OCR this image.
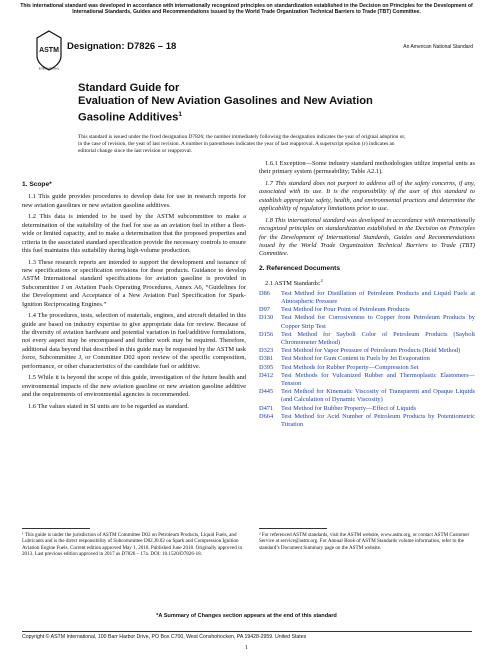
This international standard was developed in accordance with internationally recognized principles on standardization established in the Decision on Principles for the Development of International Standards, Guides and Recommendations issued by the World Trade Organization Technical Barriers to Trade (TBT) Committee.
ASTM
INTERNATIONAL
Designation: D7826 – 18	An American National Standard
Standard Guide for
Evaluation of New Aviation Gasolines and New Aviation
Gasoline Additives$^1$
This standard is issued under the fixed designation D7826; the number immediately following the designation indicates the year of original adoption or, in the case of revision, the year of last revision. A number in parentheses indicates the year of last reapproval. A superscript epsilon (ε) indicates an editorial change since the last revision or reapproval.
1. Scope*

1.1 This guide provides procedures to develop data for use in research reports for new aviation gasolines or new aviation gasoline additives.

1.2 This data is intended to be used by the ASTM subcommittee to make a determination of the suitability of the fuel for use as an aviation fuel in either a fleet-wide or limited capacity, and to make a determination that the proposed properties and criteria in the associated standard specification provide the necessary controls to ensure this fuel maintains this suitability during high-volume production.

1.3 These research reports are intended to support the development and issuance of new specifications or specification revisions for these products. Guidance to develop ASTM International standard specifications for aviation gasoline is provided in Subcommittee J on Aviation Fuels Operating Procedures, Annex A6, “Guidelines for the Development and Acceptance of a New Aviation Fuel Specification for Spark-Ignition Reciprocating Engines.”

1.4 The procedures, tests, selection of materials, engines, and aircraft detailed in this guide are based on industry expertise to give appropriate data for review. Because of the diversity of aviation hardware and potential variation in fuel/additive formulations, not every aspect may be encompassed and further work may be required. Therefore, additional data beyond that described in this guide may be requested by the ASTM task force, Subcommittee J, or Committee D02 upon review of the specific composition, performance, or other characteristics of the candidate fuel or additive.

1.5 While it is beyond the scope of this guide, investigation of the future health and environmental impacts of the new aviation gasoline or new aviation gasoline additive and the requirements of environmental agencies is recommended.

1.6 The values stated in SI units are to be regarded as standard.

1.6.1 Exception—Some industry standard methodologies utilize imperial units as their primary system (permeability; Table A2.1).

1.7 This standard does not purport to address all of the safety concerns, if any, associated with its use. It is the responsibility of the user of this standard to establish appropriate safety, health, and environmental practices and determine the applicability of regulatory limitations prior to use.

1.8 This international standard was developed in accordance with internationally recognized principles on standardization established in the Decision on Principles for the Development of International Standards, Guides and Recommendations issued by the World Trade Organization Technical Barriers to Trade (TBT) Committee.

2. Referenced Documents

2.1 ASTM Standards:$^2$

D86	Test Method for Distillation of Petroleum Products and Liquid Fuels at Atmospheric Pressure
D97	Test Method for Pour Point of Petroleum Products
D130	Test Method for Corrosiveness to Copper from Petroleum Products by Copper Strip Test
D156	Test Method for Saybolt Color of Petroleum Products (Saybolt Chromometer Method)
D323	Test Method for Vapor Pressure of Petroleum Products (Reid Method)
D381	Test Method for Gum Content in Fuels by Jet Evaporation
D395	Test Methods for Rubber Property—Compression Set
D412	Test Methods for Vulcanized Rubber and Thermoplastic Elastomers—Tension
D445	Test Method for Kinematic Viscosity of Transparent and Opaque Liquids (and Calculation of Dynamic Viscosity)
D471	Test Method for Rubber Property—Effect of Liquids
D664	Test Method for Acid Number of Petroleum Products by Potentiometric Titration
¹ This guide is under the jurisdiction of ASTM Committee D02 on Petroleum Products, Liquid Fuels, and Lubricants and is the direct responsibility of Subcommittee D02.J0.02 on Spark and Compression Ignition Aviation Engine Fuels. Current edition approved May 1, 2018. Published June 2018. Originally approved in 2013. Last previous edition approved in 2017 as D7826 – 17a. DOI: 10.1520/D7826-18.
² For referenced ASTM standards, visit the ASTM website, www.astm.org, or contact ASTM Customer Service at service@astm.org. For Annual Book of ASTM Standards volume information, refer to the standard’s Document Summary page on the ASTM website.
*A Summary of Changes section appears at the end of this standard
Copyright © ASTM International, 100 Barr Harbor Drive, PO Box C700, West Conshohocken, PA 19428-2959. United States
1
